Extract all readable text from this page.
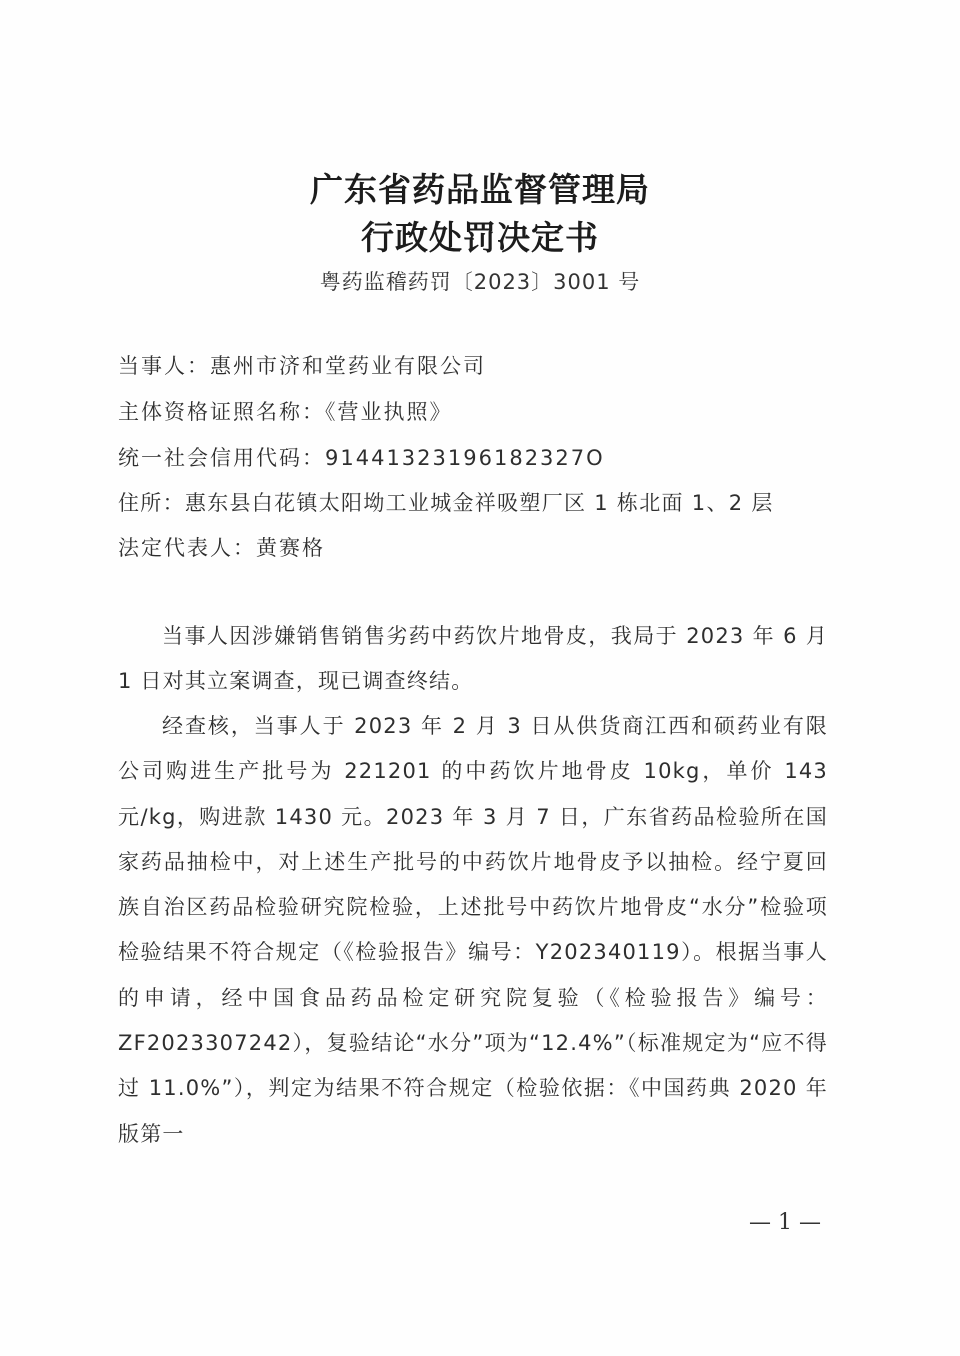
广东省药品监督管理局
行政处罚决定书
粤药监稽药罚〔2023〕3001 号
当事人：惠州市济和堂药业有限公司
主体资格证照名称：《营业执照》
统一社会信用代码：91441323196182327O
住所：惠东县白花镇太阳坳工业城金祥吸塑厂区 1 栋北面 1、2 层
法定代表人：黄赛格
当事人因涉嫌销售销售劣药中药饮片地骨皮，我局于 2023 年 6 月 1 日对其立案调查，现已调查终结。
经查核，当事人于 2023 年 2 月 3 日从供货商江西和硕药业有限公司购进生产批号为 221201 的中药饮片地骨皮 10kg，单价 143 元/kg，购进款 1430 元。2023 年 3 月 7 日，广东省药品检验所在国家药品抽检中，对上述生产批号的中药饮片地骨皮予以抽检。经宁夏回族自治区药品检验研究院检验，上述批号中药饮片地骨皮“水分”检验项检验结果不符合规定（《检验报告》编号：Y202340119）。根据当事人的申请，经中国食品药品检定研究院复验（《检验报告》编号：ZF2023307242），复验结论“水分”项为“12.4%”（标准规定为“应不得过 11.0%”），判定为结果不符合规定（检验依据：《中国药典 2020 年版第一
— 1 —
